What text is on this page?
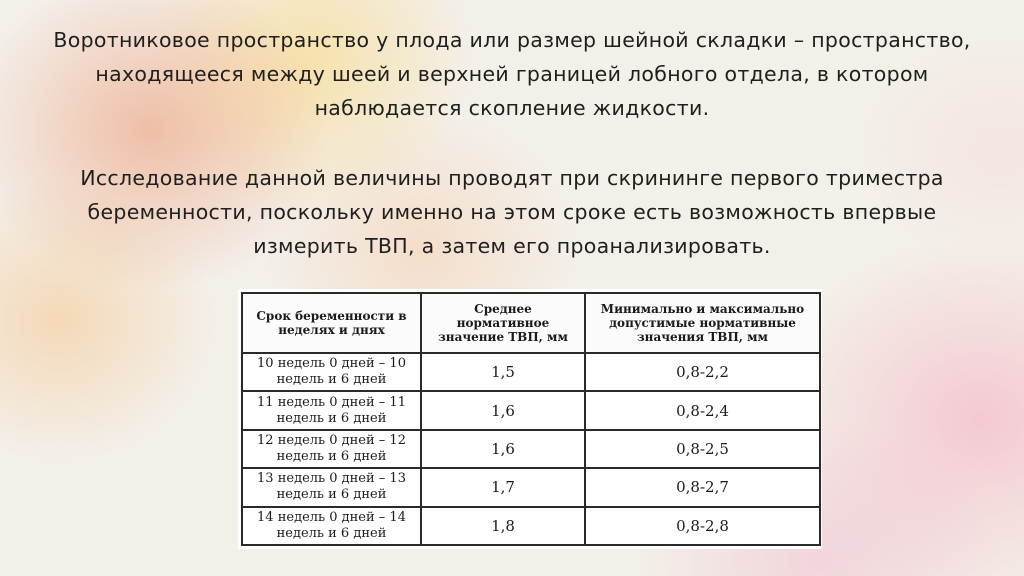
Воротниковое пространство у плода или размер шейной складки – пространство, находящееся между шеей и верхней границей лобного отдела, в котором наблюдается скопление жидкости.
Исследование данной величины проводят при скрининге первого триместра беременности, поскольку именно на этом сроке есть возможность впервые измерить ТВП, а затем его проанализировать.
Срок беременности в неделях и днях	Среднее нормативное значение ТВП, мм	Минимально и максимально допустимые нормативные значения ТВП, мм
10 недель 0 дней – 10 недель и 6 дней	1,5	0,8-2,2
11 недель 0 дней – 11 недель и 6 дней	1,6	0,8-2,4
12 недель 0 дней – 12 недель и 6 дней	1,6	0,8-2,5
13 недель 0 дней – 13 недель и 6 дней	1,7	0,8-2,7
14 недель 0 дней – 14 недель и 6 дней	1,8	0,8-2,8
